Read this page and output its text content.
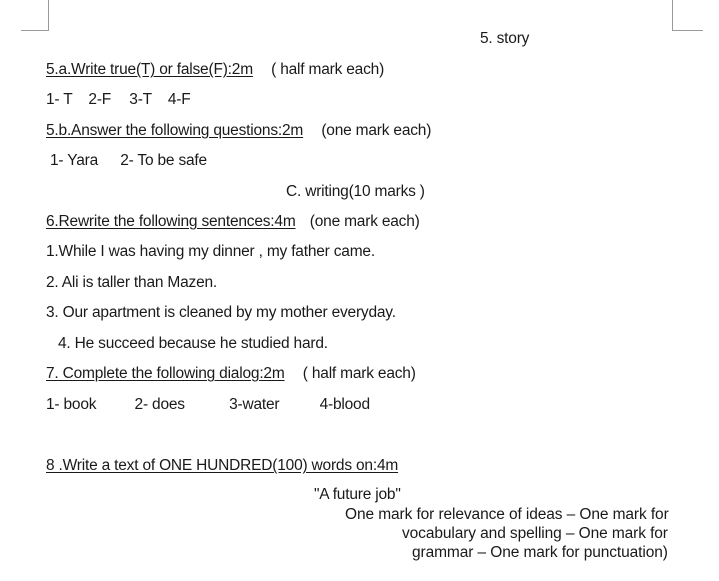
5. story
5.a.Write true(T) or false(F):2m ( half mark each)
1- T 2-F 3-T 4-F
5.b.Answer the following questions:2m (one mark each)
1- Yara 2- To be safe
C. writing(10 marks )
6.Rewrite the following sentences:4m (one mark each)
1.While I was having my dinner , my father came.
2. Ali is taller than Mazen.
3. Our apartment is cleaned by my mother everyday.
4. He succeed because he studied hard.
7. Complete the following dialog:2m ( half mark each)
1- book 2- does	3-water	4-blood
8 .Write a text of ONE HUNDRED(100) words on:4m
"A future job"
One mark for relevance of ideas – One mark for
vocabulary and spelling – One mark for
grammar – One mark for punctuation)
